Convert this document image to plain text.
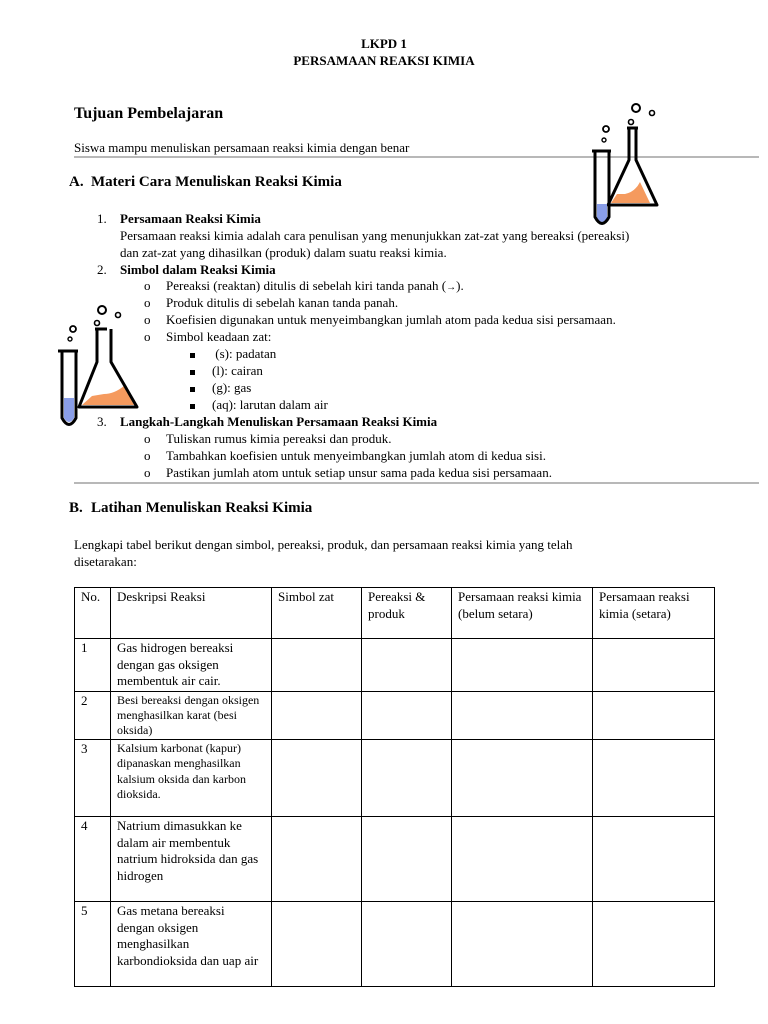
LKPD 1
PERSAMAAN REAKSI KIMIA
Tujuan Pembelajaran
Siswa mampu menuliskan persamaan reaksi kimia dengan benar
A. Materi Cara Menuliskan Reaksi Kimia
1. Persamaan Reaksi Kimia
Persamaan reaksi kimia adalah cara penulisan yang menunjukkan zat-zat yang bereaksi (pereaksi)
dan zat-zat yang dihasilkan (produk) dalam suatu reaksi kimia.
2. Simbol dalam Reaksi Kimia
o Pereaksi (reaktan) ditulis di sebelah kiri tanda panah (→).
o Produk ditulis di sebelah kanan tanda panah.
o Koefisien digunakan untuk menyeimbangkan jumlah atom pada kedua sisi persamaan.
o Simbol keadaan zat:
(s): padatan
(l): cairan
(g): gas
(aq): larutan dalam air
3. Langkah-Langkah Menuliskan Persamaan Reaksi Kimia
o Tuliskan rumus kimia pereaksi dan produk.
o Tambahkan koefisien untuk menyeimbangkan jumlah atom di kedua sisi.
o Pastikan jumlah atom untuk setiap unsur sama pada kedua sisi persamaan.
B. Latihan Menuliskan Reaksi Kimia
Lengkapi tabel berikut dengan simbol, pereaksi, produk, dan persamaan reaksi kimia yang telah
disetarakan:
No.	Deskripsi Reaksi	Simbol zat	Pereaksi & produk	Persamaan reaksi kimia (belum setara)	Persamaan reaksi kimia (setara)
1	Gas hidrogen bereaksi dengan gas oksigen membentuk air cair.				
2	Besi bereaksi dengan oksigen menghasilkan karat (besi oksida)				
3	Kalsium karbonat (kapur) dipanaskan menghasilkan kalsium oksida dan karbon dioksida.				
4	Natrium dimasukkan ke dalam air membentuk natrium hidroksida dan gas hidrogen				
5	Gas metana bereaksi dengan oksigen menghasilkan karbondioksida dan uap air				
